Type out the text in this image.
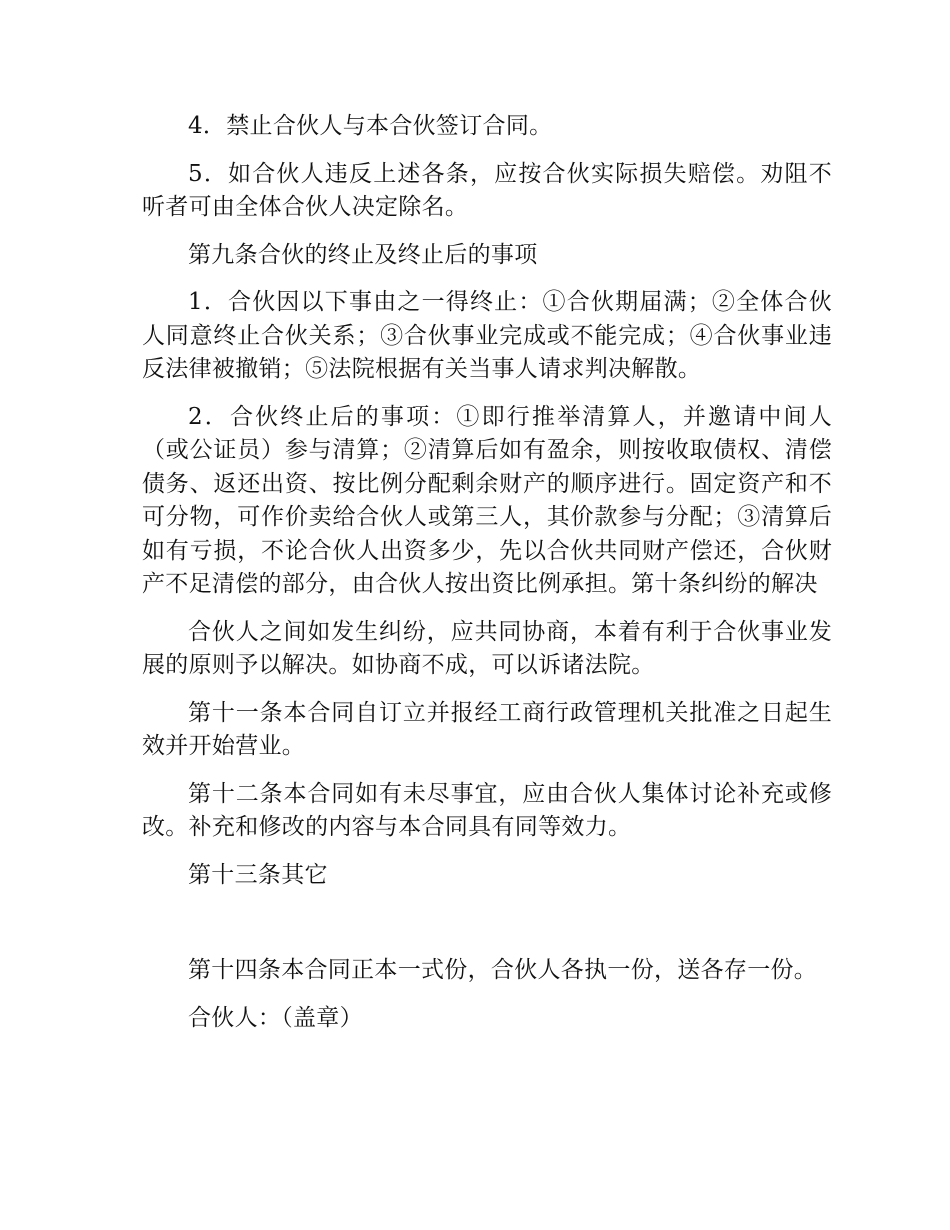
4．禁止合伙人与本合伙签订合同。

5．如合伙人违反上述各条，应按合伙实际损失赔偿。劝阻不听者可由全体合伙人决定除名。

第九条合伙的终止及终止后的事项

1．合伙因以下事由之一得终止：①合伙期届满；②全体合伙人同意终止合伙关系；③合伙事业完成或不能完成；④合伙事业违反法律被撤销；⑤法院根据有关当事人请求判决解散。

2．合伙终止后的事项：①即行推举清算人，并邀请中间人（或公证员）参与清算；②清算后如有盈余，则按收取债权、清偿债务、返还出资、按比例分配剩余财产的顺序进行。固定资产和不可分物，可作价卖给合伙人或第三人，其价款参与分配；③清算后如有亏损，不论合伙人出资多少，先以合伙共同财产偿还，合伙财产不足清偿的部分，由合伙人按出资比例承担。第十条纠纷的解决

合伙人之间如发生纠纷，应共同协商，本着有利于合伙事业发展的原则予以解决。如协商不成，可以诉诸法院。

第十一条本合同自订立并报经工商行政管理机关批准之日起生效并开始营业。

第十二条本合同如有未尽事宜，应由合伙人集体讨论补充或修改。补充和修改的内容与本合同具有同等效力。

第十三条其它

第十四条本合同正本一式份，合伙人各执一份，送各存一份。

合伙人：（盖章）
